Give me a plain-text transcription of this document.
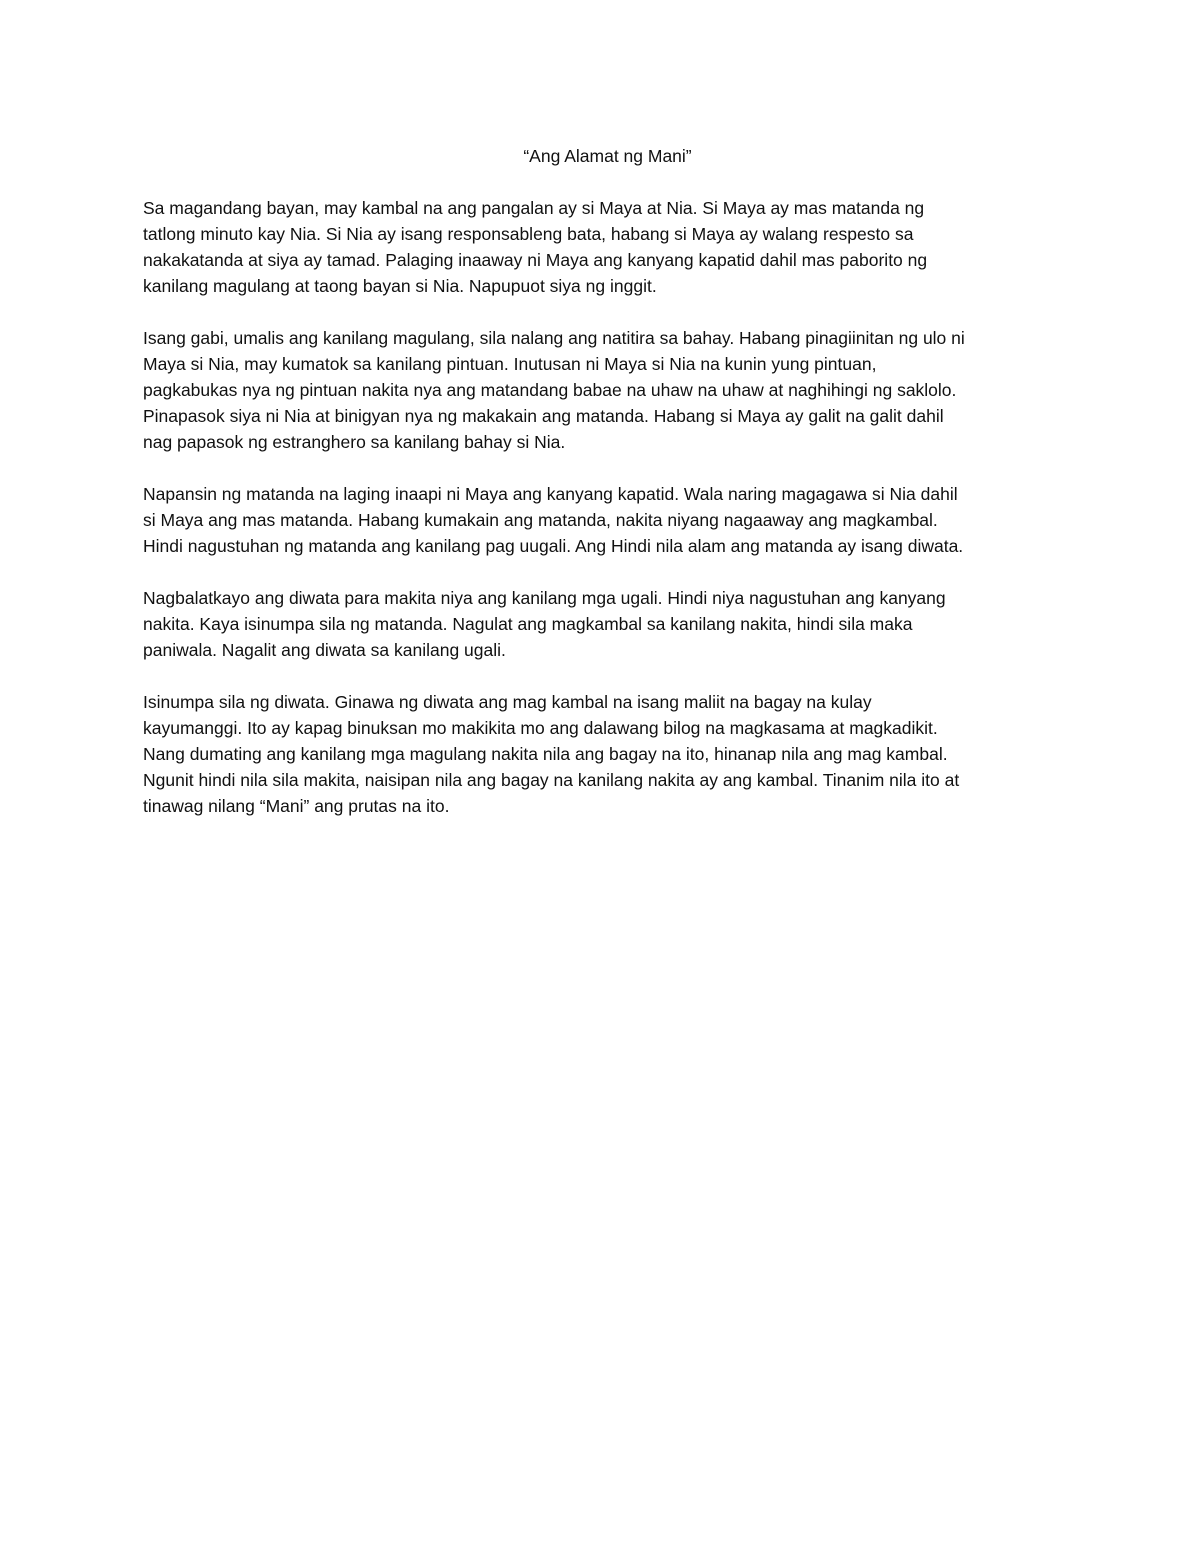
“Ang Alamat ng Mani”

Sa magandang bayan, may kambal na ang pangalan ay si Maya at Nia. Si Maya ay mas matanda ng
tatlong minuto kay Nia. Si Nia ay isang responsableng bata, habang si Maya ay walang respesto sa
nakakatanda at siya ay tamad. Palaging inaaway ni Maya ang kanyang kapatid dahil mas paborito ng
kanilang magulang at taong bayan si Nia. Napupuot siya ng inggit.

Isang gabi, umalis ang kanilang magulang, sila nalang ang natitira sa bahay. Habang pinagiinitan ng ulo ni
Maya si Nia, may kumatok sa kanilang pintuan. Inutusan ni Maya si Nia na kunin yung pintuan,
pagkabukas nya ng pintuan nakita nya ang matandang babae na uhaw na uhaw at naghihingi ng saklolo.
Pinapasok siya ni Nia at binigyan nya ng makakain ang matanda. Habang si Maya ay galit na galit dahil
nag papasok ng estranghero sa kanilang bahay si Nia.

Napansin ng matanda na laging inaapi ni Maya ang kanyang kapatid. Wala naring magagawa si Nia dahil
si Maya ang mas matanda. Habang kumakain ang matanda, nakita niyang nagaaway ang magkambal.
Hindi nagustuhan ng matanda ang kanilang pag uugali. Ang Hindi nila alam ang matanda ay isang diwata.

Nagbalatkayo ang diwata para makita niya ang kanilang mga ugali. Hindi niya nagustuhan ang kanyang
nakita. Kaya isinumpa sila ng matanda. Nagulat ang magkambal sa kanilang nakita, hindi sila maka
paniwala. Nagalit ang diwata sa kanilang ugali.

Isinumpa sila ng diwata. Ginawa ng diwata ang mag kambal na isang maliit na bagay na kulay
kayumanggi. Ito ay kapag binuksan mo makikita mo ang dalawang bilog na magkasama at magkadikit.
Nang dumating ang kanilang mga magulang nakita nila ang bagay na ito, hinanap nila ang mag kambal.
Ngunit hindi nila sila makita, naisipan nila ang bagay na kanilang nakita ay ang kambal. Tinanim nila ito at
tinawag nilang “Mani” ang prutas na ito.
